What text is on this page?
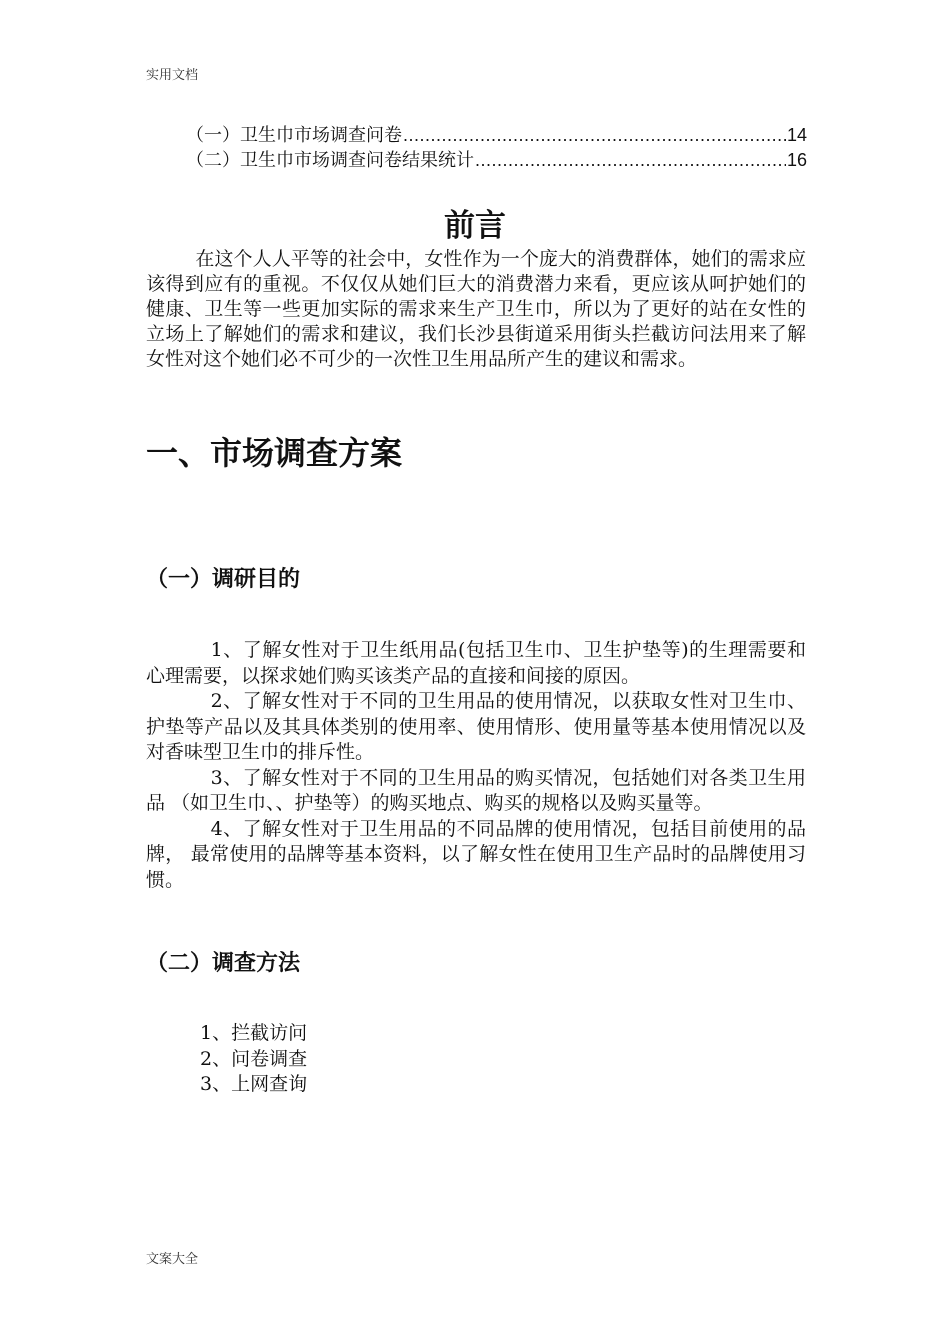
实用文档
（一）卫生巾市场调查问卷 .....	14
（二）卫生巾市场调查问卷结果统计 .....	16
前言

在这个人人平等的社会中，女性作为一个庞大的消费群体，她们的需求应该得到应有的重视。不仅仅从她们巨大的消费潜力来看，更应该从呵护她们的健康、卫生等一些更加实际的需求来生产卫生巾，所以为了更好的站在女性的立场上了解她们的需求和建议，我们长沙县街道采用街头拦截访问法用来了解女性对这个她们必不可少的一次性卫生用品所产生的建议和需求。

一、市场调查方案
（一）调研目的

1、了解女性对于卫生纸用品(包括卫生巾、卫生护垫等)的生理需要和心理需要，以探求她们购买该类产品的直接和间接的原因。

2、了解女性对于不同的卫生用品的使用情况，以获取女性对卫生巾、护垫等产品以及其具体类别的使用率、使用情形、使用量等基本使用情况以及对香味型卫生巾的排斥性。

3、了解女性对于不同的卫生用品的购买情况，包括她们对各类卫生用品 （如卫生巾、、护垫等）的购买地点、购买的规格以及购买量等。

4、了解女性对于卫生用品的不同品牌的使用情况，包括目前使用的品牌， 最常使用的品牌等基本资料，以了解女性在使用卫生产品时的品牌使用习惯。

（二）调查方法

1、拦截访问

2、问卷调查

3、上网查询

文案大全
